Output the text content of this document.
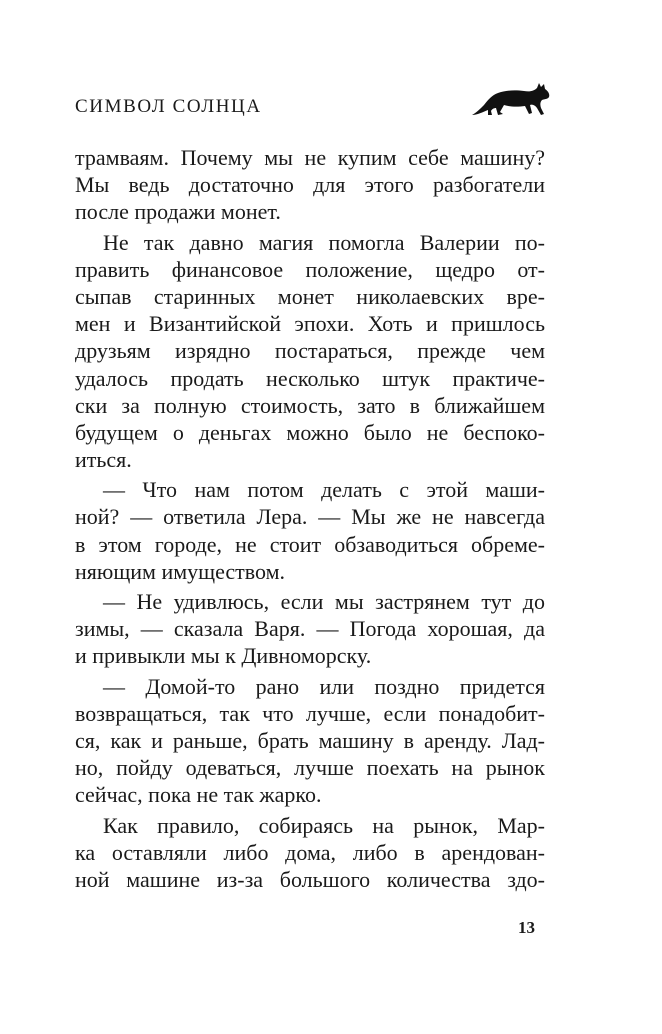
СИМВОЛ СОЛНЦА
трамваям. Почему мы не купим себе машину?
Мы ведь достаточно для этого разбогатели
после продажи монет.
Не так давно магия помогла Валерии по-
править финансовое положение, щедро от-
сыпав старинных монет николаевских вре-
мен и Византийской эпохи. Хоть и пришлось
друзьям изрядно постараться, прежде чем
удалось продать несколько штук практиче-
ски за полную стоимость, зато в ближайшем
будущем о деньгах можно было не беспоко-
иться.
— Что нам потом делать с этой маши-
ной? — ответила Лера. — Мы же не навсегда
в этом городе, не стоит обзаводиться обреме-
няющим имуществом.
— Не удивлюсь, если мы застрянем тут до
зимы, — сказала Варя. — Погода хорошая, да
и привыкли мы к Дивноморску.
— Домой-то рано или поздно придется
возвращаться, так что лучше, если понадобит-
ся, как и раньше, брать машину в аренду. Лад-
но, пойду одеваться, лучше поехать на рынок
сейчас, пока не так жарко.
Как правило, собираясь на рынок, Мар-
ка оставляли либо дома, либо в арендован-
ной машине из-за большого количества здо-
13
